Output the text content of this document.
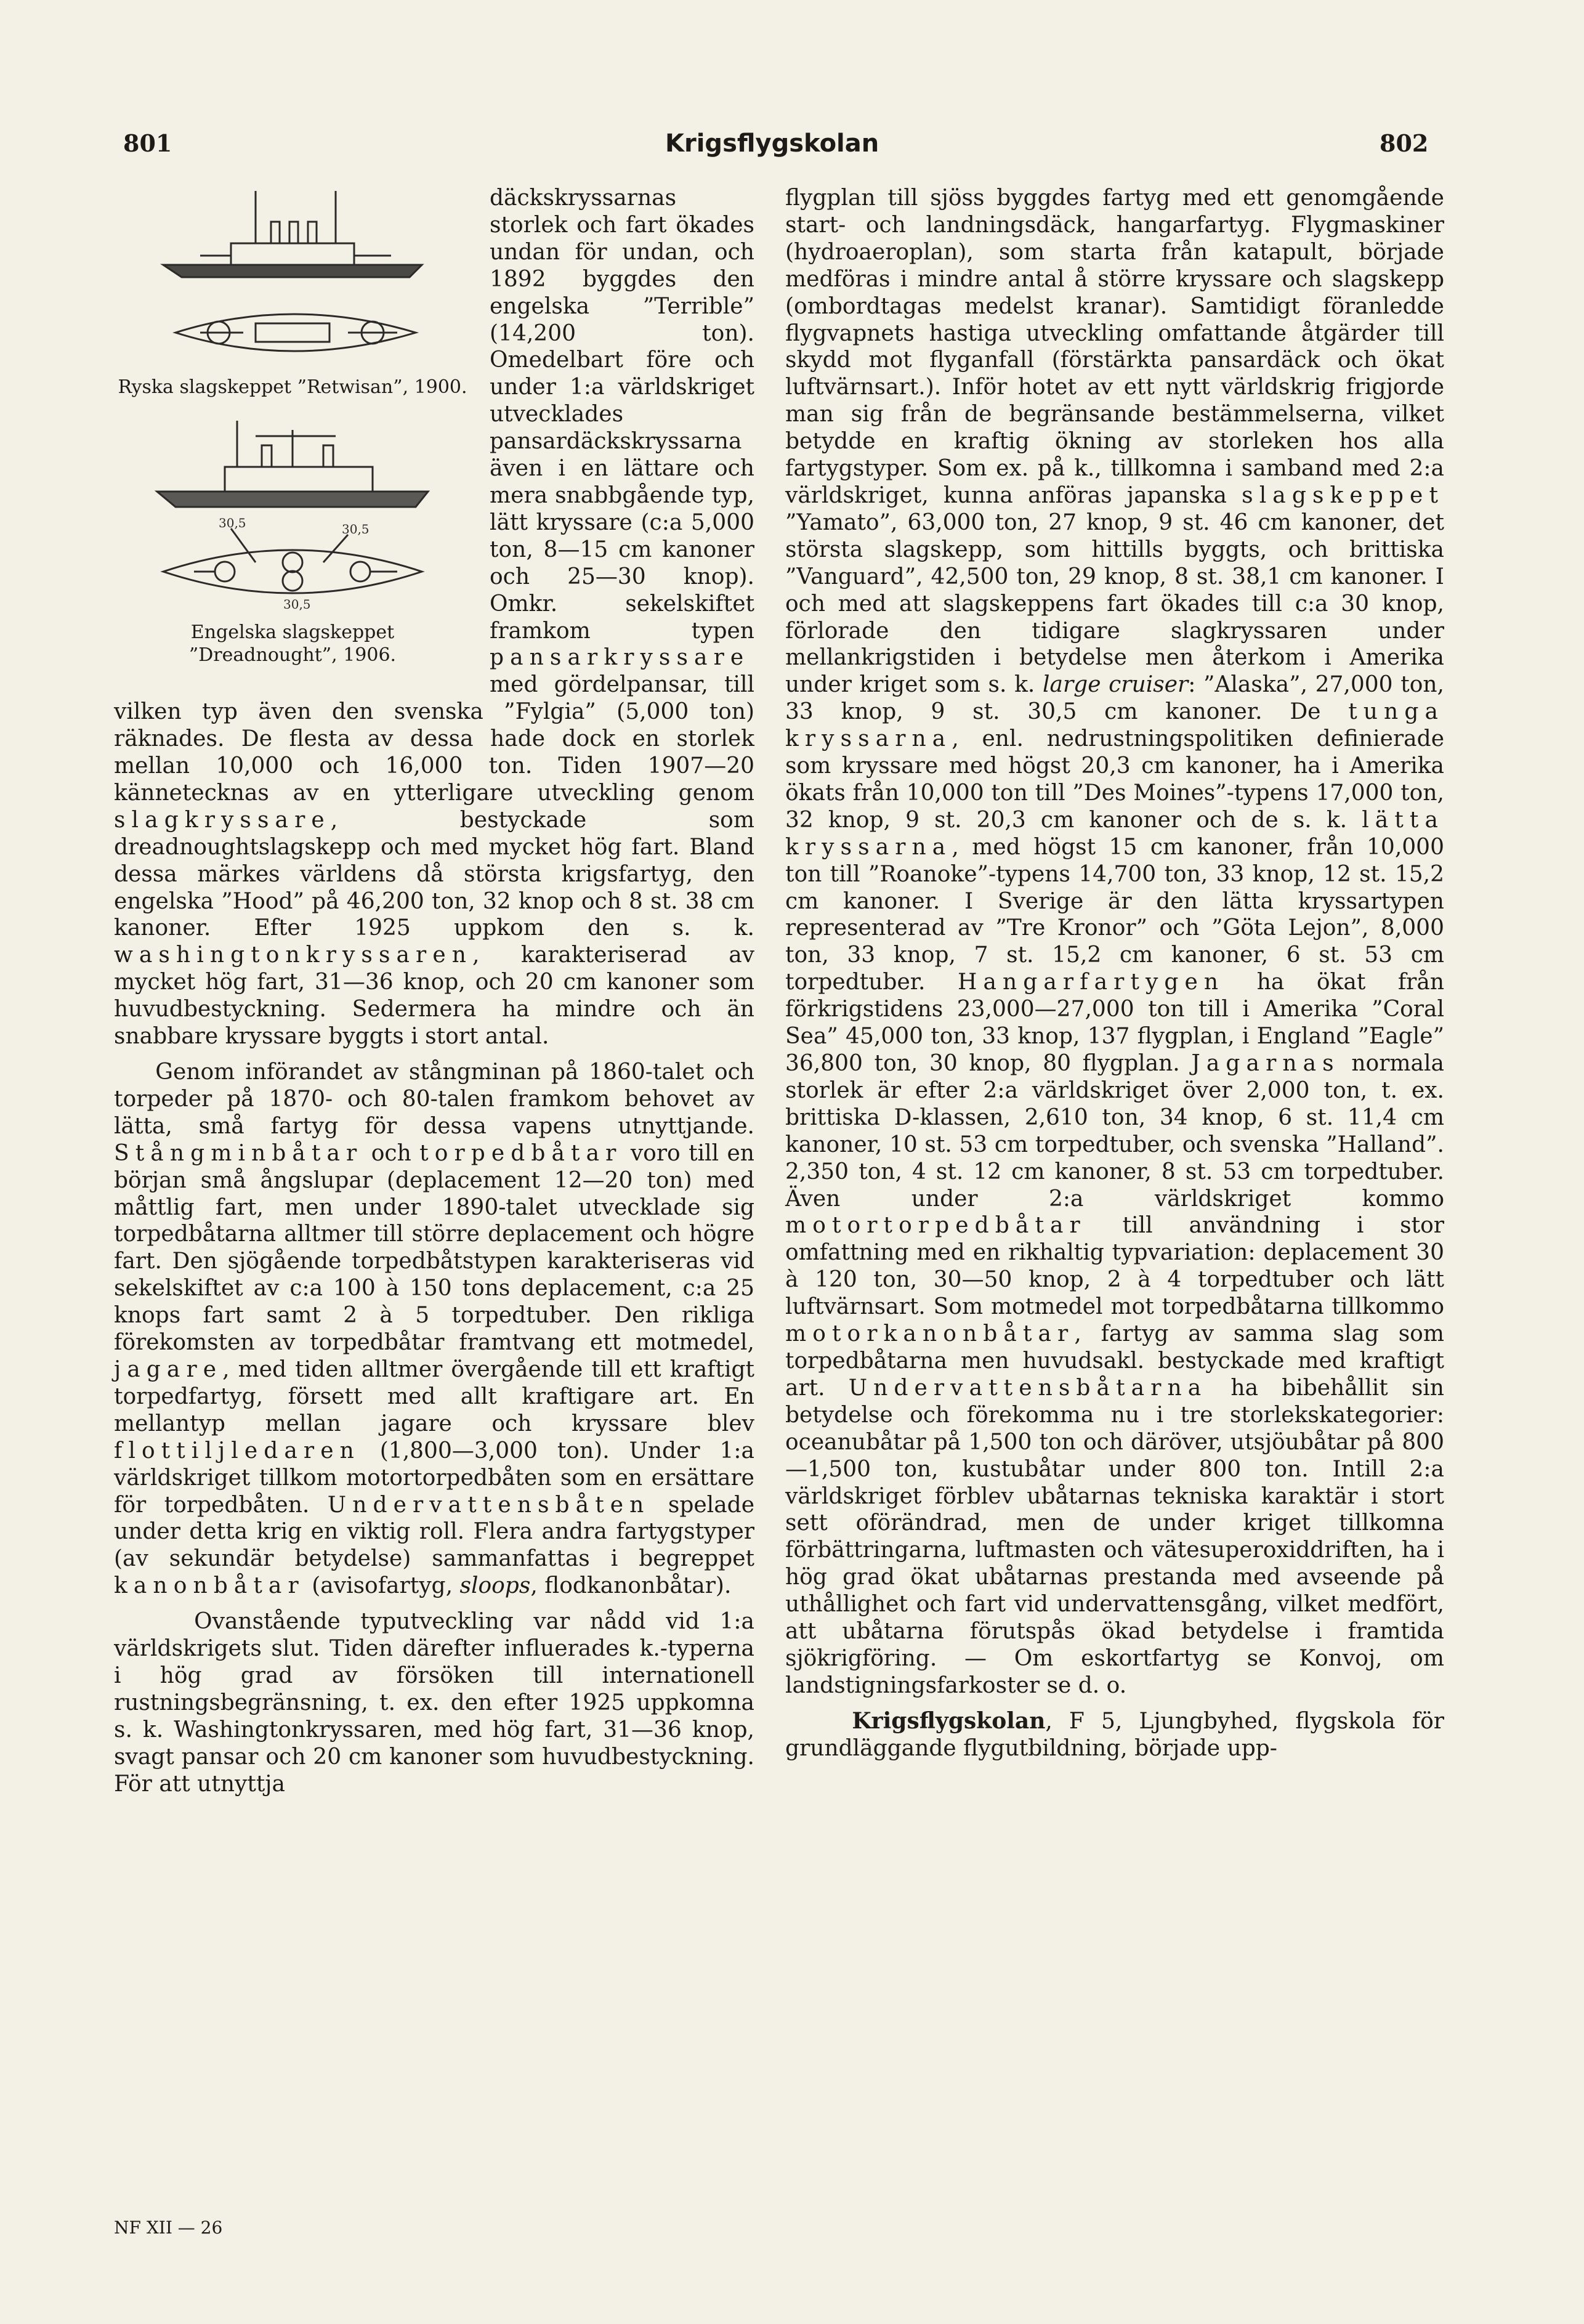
801	Krigsflygskolan	802
Ryska slagskeppet ”Retwisan”, 1900.
30,5	30,5
30,5
Engelska slagskeppet ”Dreadnought”, 1906.

däckskryssarnas storlek och fart ökades undan för undan, och 1892 byggdes den engelska ”Terrible” (14,200 ton). Omedelbart före och under 1:a världskriget utvecklades pansardäckskryssarna även i en lättare och mera snabbgående typ, lätt kryssare (c:a 5,000 ton, 8—15 cm kanoner och 25—30 knop). Omkr. sekelskiftet framkom typen pansarkryssare med gördelpansar, till vilken typ även den svenska ”Fylgia” (5,000 ton) räknades. De flesta av dessa hade dock en storlek mellan 10,000 och 16,000 ton. Tiden 1907—20 kännetecknas av en ytterligare utveckling genom slagkryssare, bestyckade som dreadnoughtslagskepp och med mycket hög fart. Bland dessa märkes världens då största krigsfartyg, den engelska ”Hood” på 46,200 ton, 32 knop och 8 st. 38 cm kanoner. Efter 1925 uppkom den s. k. washingtonkryssaren, karakteriserad av mycket hög fart, 31—36 knop, och 20 cm kanoner som huvudbestyckning. Sedermera ha mindre och än snabbare kryssare byggts i stort antal.

Genom införandet av stångminan på 1860-talet och torpeder på 1870- och 80-talen framkom behovet av lätta, små fartyg för dessa vapens utnyttjande. Stångminbåtar och torpedbåtar voro till en början små ångslupar (deplacement 12—20 ton) med måttlig fart, men under 1890-talet utvecklade sig torpedbåtarna alltmer till större deplacement och högre fart. Den sjögående torpedbåtstypen karakteriseras vid sekelskiftet av c:a 100 à 150 tons deplacement, c:a 25 knops fart samt 2 à 5 torpedtuber. Den rikliga förekomsten av torpedbåtar framtvang ett motmedel, jagare, med tiden alltmer övergående till ett kraftigt torpedfartyg, försett med allt kraftigare art. En mellantyp mellan jagare och kryssare blev flottiljledaren (1,800—3,000 ton). Under 1:a världskriget tillkom motortorpedbåten som en ersättare för torpedbåten. Undervattensbåten spelade under detta krig en viktig roll. Flera andra fartygstyper (av sekundär betydelse) sammanfattas i begreppet kanonbåtar (avisofartyg, sloops, flodkanonbåtar).

Ovanstående typutveckling var nådd vid 1:a världskrigets slut. Tiden därefter influerades k.-typerna i hög grad av försöken till internationell rustningsbegränsning, t. ex. den efter 1925 uppkomna s. k. Washingtonkryssaren, med hög fart, 31—36 knop, svagt pansar och 20 cm kanoner som huvudbestyckning. För att utnyttja

flygplan till sjöss byggdes fartyg med ett genomgående start- och landningsdäck, hangarfartyg. Flygmaskiner (hydroaeroplan), som starta från katapult, började medföras i mindre antal å större kryssare och slagskepp (ombordtagas medelst kranar). Samtidigt föranledde flygvapnets hastiga utveckling omfattande åtgärder till skydd mot flyganfall (förstärkta pansardäck och ökat luftvärnsart.). Inför hotet av ett nytt världskrig frigjorde man sig från de begränsande bestämmelserna, vilket betydde en kraftig ökning av storleken hos alla fartygstyper. Som ex. på k., tillkomna i samband med 2:a världskriget, kunna anföras japanska slagskeppet ”Yamato”, 63,000 ton, 27 knop, 9 st. 46 cm kanoner, det största slagskepp, som hittills byggts, och brittiska ”Vanguard”, 42,500 ton, 29 knop, 8 st. 38,1 cm kanoner. I och med att slagskeppens fart ökades till c:a 30 knop, förlorade den tidigare slagkryssaren under mellankrigstiden i betydelse men återkom i Amerika under kriget som s. k. large cruiser: ”Alaska”, 27,000 ton, 33 knop, 9 st. 30,5 cm kanoner. De tunga kryssarna, enl. nedrustningspolitiken definierade som kryssare med högst 20,3 cm kanoner, ha i Amerika ökats från 10,000 ton till ”Des Moines”-typens 17,000 ton, 32 knop, 9 st. 20,3 cm kanoner och de s. k. lätta kryssarna, med högst 15 cm kanoner, från 10,000 ton till ”Roanoke”-typens 14,700 ton, 33 knop, 12 st. 15,2 cm kanoner. I Sverige är den lätta kryssartypen representerad av ”Tre Kronor” och ”Göta Lejon”, 8,000 ton, 33 knop, 7 st. 15,2 cm kanoner, 6 st. 53 cm torpedtuber. Hangarfartygen ha ökat från förkrigstidens 23,000—27,000 ton till i Amerika ”Coral Sea” 45,000 ton, 33 knop, 137 flygplan, i England ”Eagle” 36,800 ton, 30 knop, 80 flygplan. Jagarnas normala storlek är efter 2:a världskriget över 2,000 ton, t. ex. brittiska D-klassen, 2,610 ton, 34 knop, 6 st. 11,4 cm kanoner, 10 st. 53 cm torpedtuber, och svenska ”Halland”. 2,350 ton, 4 st. 12 cm kanoner, 8 st. 53 cm torpedtuber. Även under 2:a världskriget kommo motortorpedbåtar till användning i stor omfattning med en rikhaltig typvariation: deplacement 30 à 120 ton, 30—50 knop, 2 à 4 torpedtuber och lätt luftvärnsart. Som motmedel mot torpedbåtarna tillkommo motorkanonbåtar, fartyg av samma slag som torpedbåtarna men huvudsakl. bestyckade med kraftigt art. Undervattensbåtarna ha bibehållit sin betydelse och förekomma nu i tre storlekskategorier: oceanubåtar på 1,500 ton och däröver, utsjöubåtar på 800—1,500 ton, kustubåtar under 800 ton. Intill 2:a världskriget förblev ubåtarnas tekniska karaktär i stort sett oförändrad, men de under kriget tillkomna förbättringarna, luftmasten och vätesuperoxiddriften, ha i hög grad ökat ubåtarnas prestanda med avseende på uthållighet och fart vid undervattensgång, vilket medfört, att ubåtarna förutspås ökad betydelse i framtida sjökrigföring. — Om eskortfartyg se Konvoj, om landstigningsfarkoster se d. o.

Krigsflygskolan, F 5, Ljungbyhed, flygskola för grundläggande flygutbildning, började upp-

NF XII — 26
